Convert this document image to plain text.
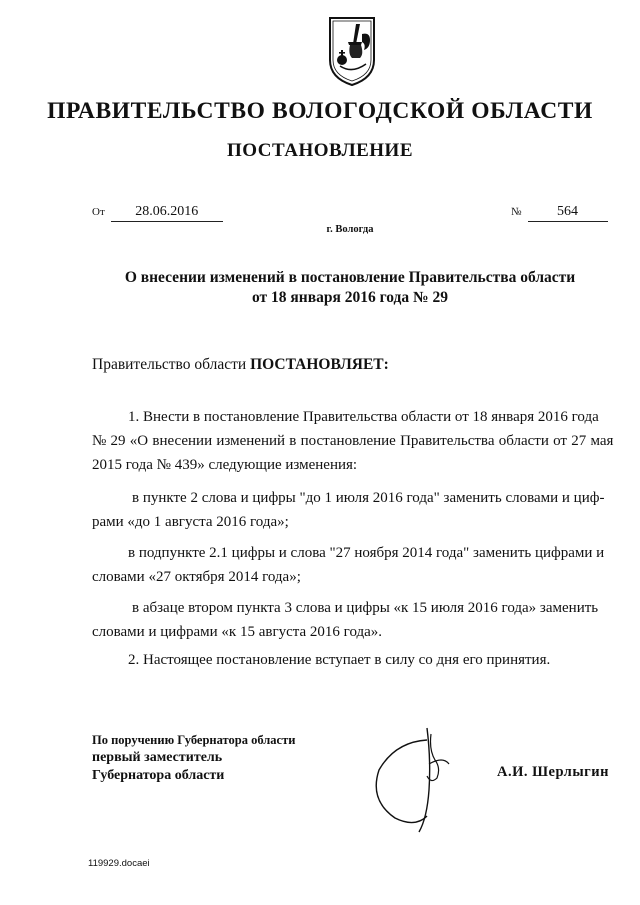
ПРАВИТЕЛЬСТВО ВОЛОГОДСКОЙ ОБЛАСТИ
ПОСТАНОВЛЕНИЕ
От 28.06.2016	№	564
г. Вологда
О внесении изменений в постановление Правительства области
от 18 января 2016 года № 29
Правительство области ПОСТАНОВЛЯЕТ:
1. Внести в постановление Правительства области от 18 января 2016 года
№ 29 «О внесении изменений в постановление Правительства области от 27 мая
2015 года № 439» следующие изменения:
в пункте 2 слова и цифры "до 1 июля 2016 года" заменить словами и циф-
рами «до 1 августа 2016 года»;
в подпункте 2.1 цифры и слова "27 ноября 2014 года" заменить цифрами и
словами «27 октября 2014 года»;
в абзаце втором пункта 3 слова и цифры «к 15 июля 2016 года» заменить
словами и цифрами «к 15 августа 2016 года».
2. Настоящее постановление вступает в силу со дня его принятия.
По поручению Губернатора области
первый заместитель
Губернатора области	А.И. Шерлыгин
119929.docaei
